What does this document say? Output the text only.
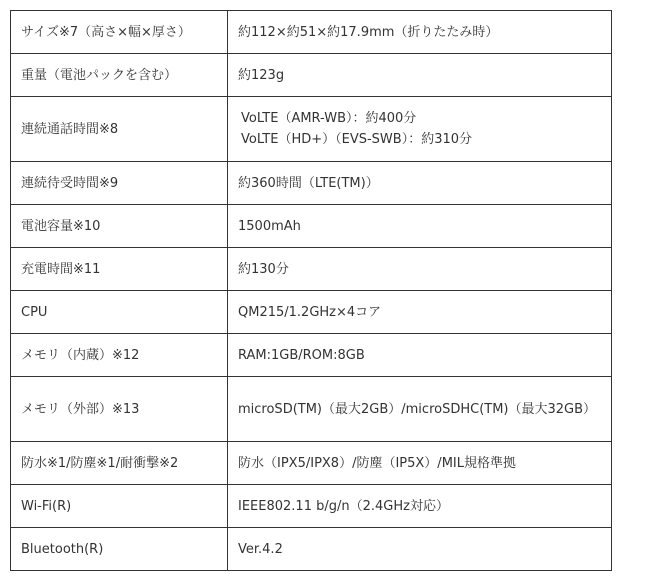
サイズ※7（高さ×幅×厚さ）	約112×約51×約17.9mm（折りたたみ時）
重量（電池パックを含む）	約123g
連続通話時間※8	VoLTE（AMR-WB）：約400分
VoLTE（HD+）（EVS-SWB）：約310分

連続待受時間※9	約360時間（LTE(TM)）
電池容量※10	1500mAh
充電時間※11	約130分
CPU	QM215/1.2GHz×4コア
メモリ（内蔵）※12	RAM:1GB/ROM:8GB
メモリ（外部）※13	microSD(TM)（最大2GB）/microSDHC(TM)（最大32GB）
防水※1/防塵※1/耐衝撃※2	防水（IPX5/IPX8）/防塵（IP5X）/MIL規格準拠
Wi-Fi(R)	IEEE802.11 b/g/n（2.4GHz対応）
Bluetooth(R)	Ver.4.2
